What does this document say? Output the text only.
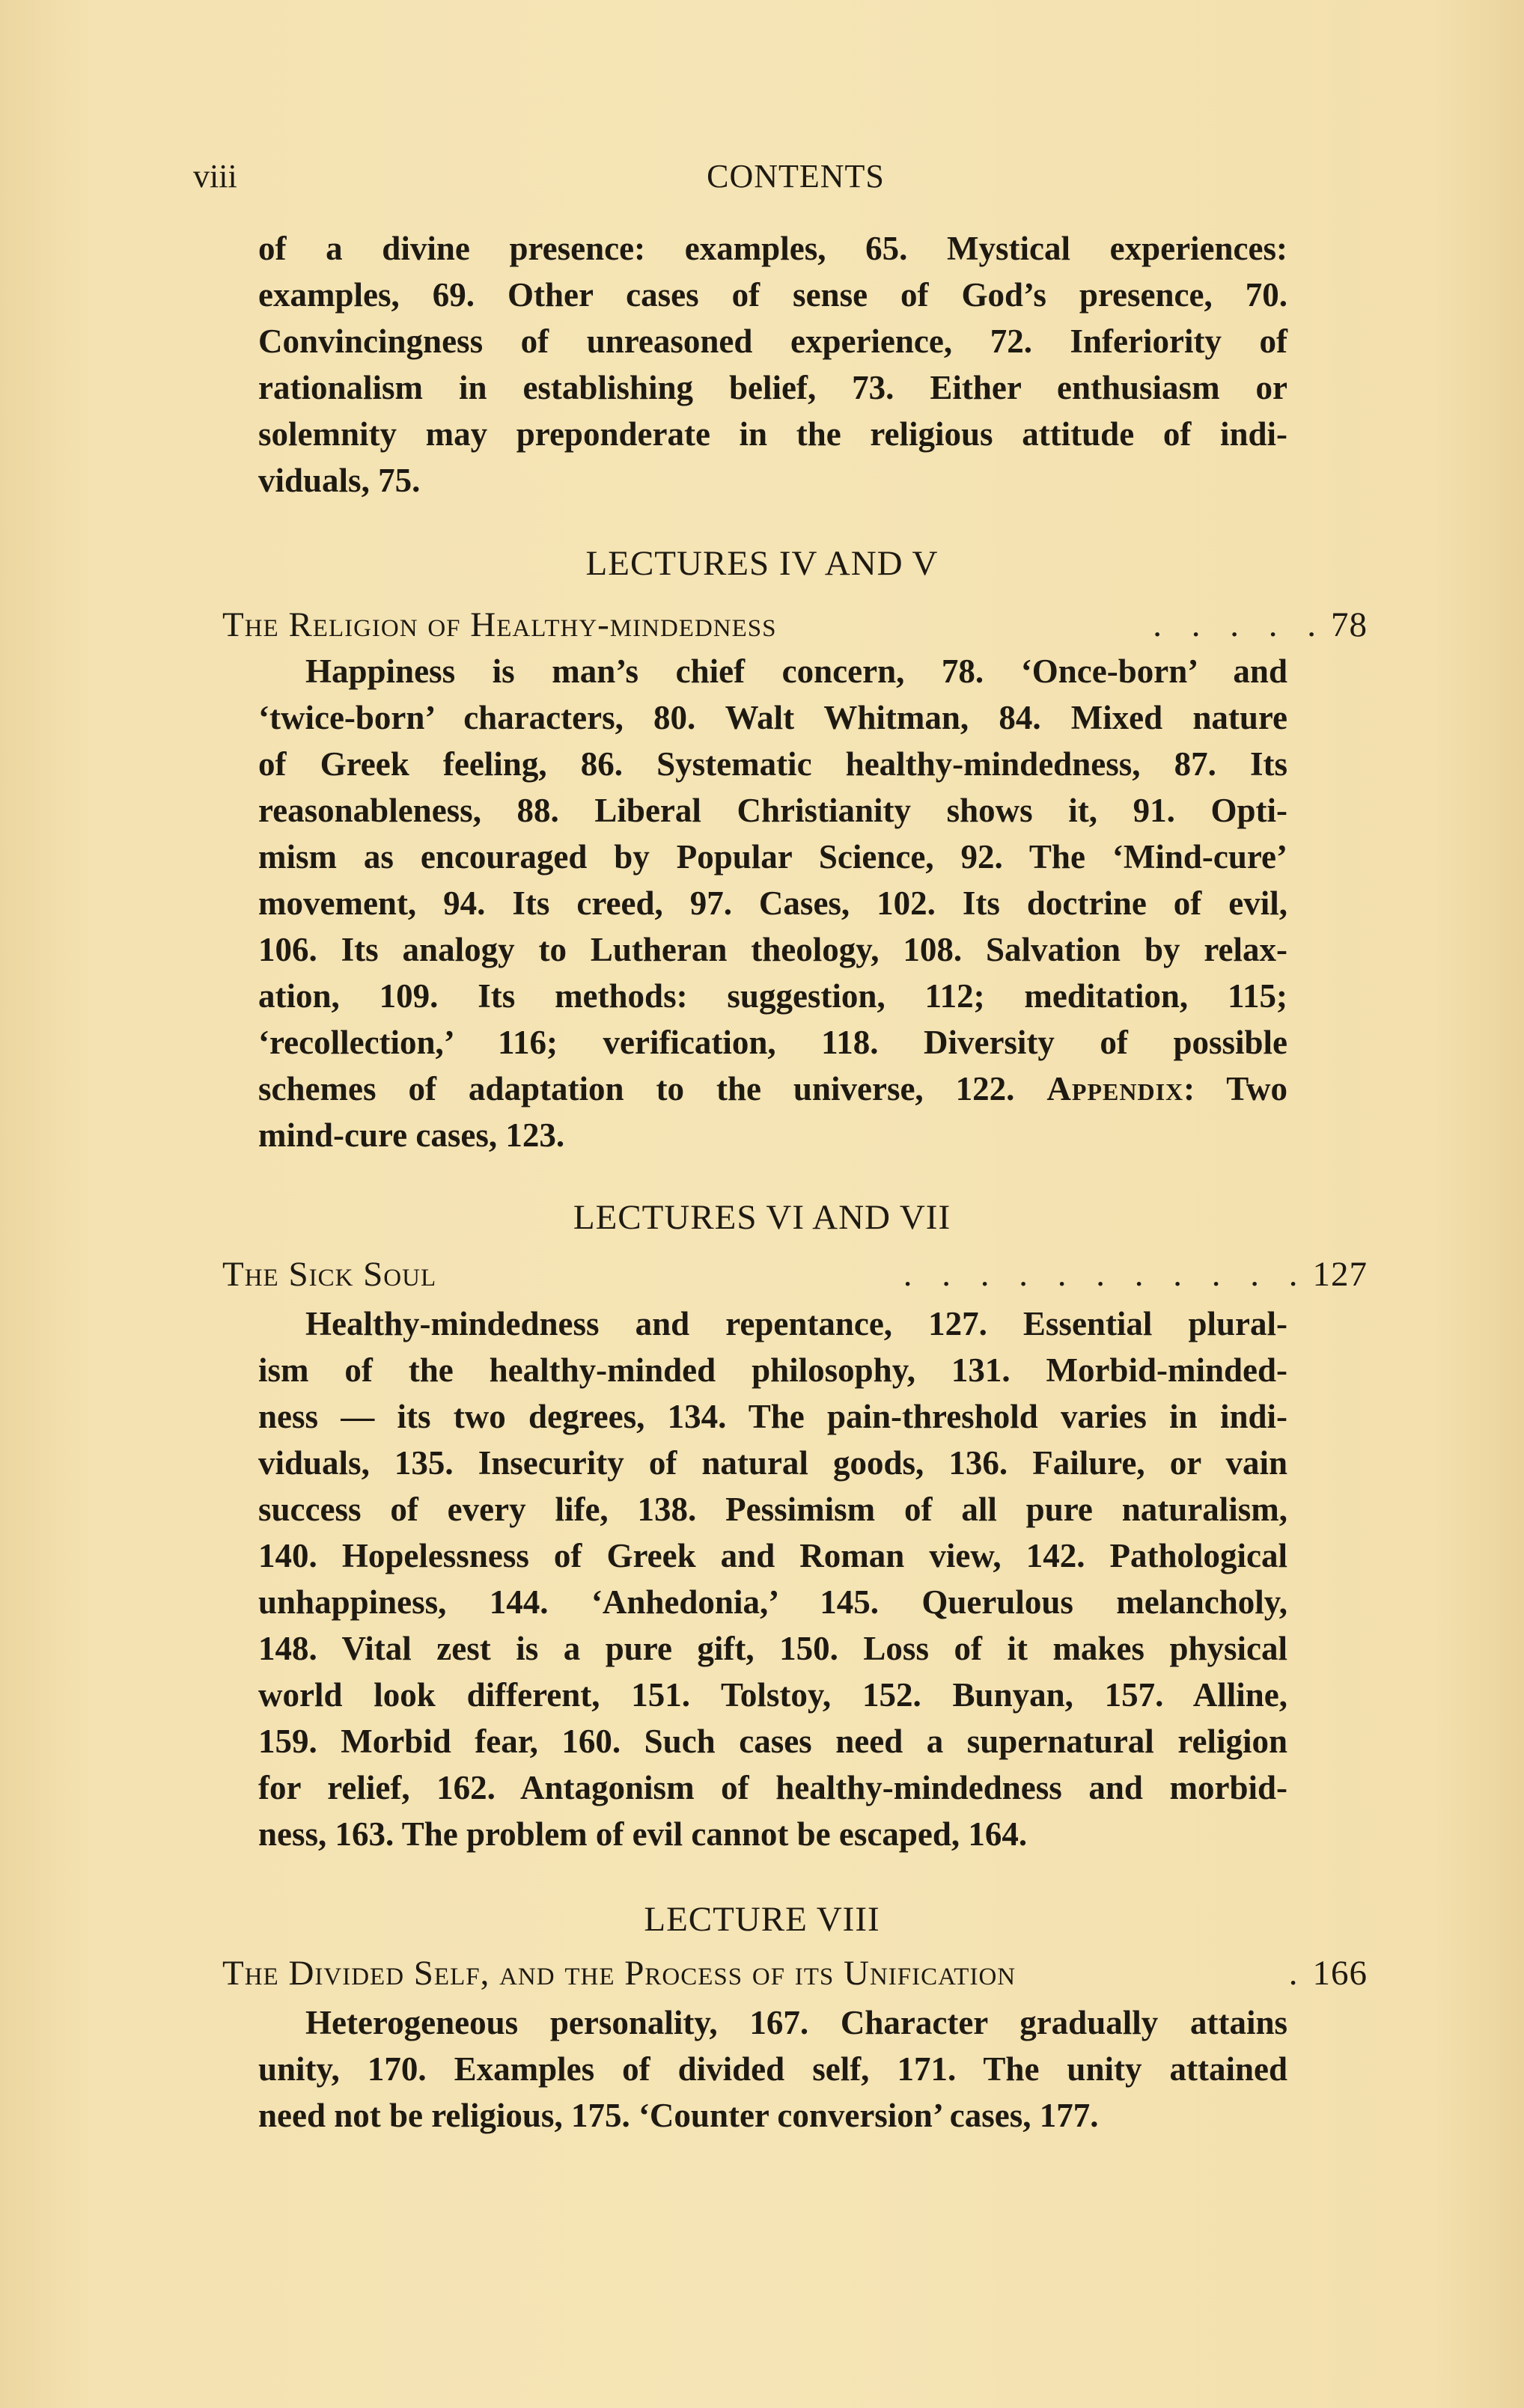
viii	CONTENTS
of a divine presence: examples, 65. Mystical experiences:
examples, 69. Other cases of sense of God’s presence, 70.
Convincingness of unreasoned experience, 72. Inferiority of
rationalism in establishing belief, 73. Either enthusiasm or
solemnity may preponderate in the religious attitude of indi-
viduals, 75.
LECTURES IV AND V
The Religion of Healthy-mindedness	. . . . . 78
Happiness is man’s chief concern, 78. ‘Once-born’ and
‘twice-born’ characters, 80. Walt Whitman, 84. Mixed nature
of Greek feeling, 86. Systematic healthy-mindedness, 87. Its
reasonableness, 88. Liberal Christianity shows it, 91. Opti-
mism as encouraged by Popular Science, 92. The ‘Mind-cure’
movement, 94. Its creed, 97. Cases, 102. Its doctrine of evil,
106. Its analogy to Lutheran theology, 108. Salvation by relax-
ation, 109. Its methods: suggestion, 112; meditation, 115;
‘recollection,’ 116; verification, 118. Diversity of possible
schemes of adaptation to the universe, 122. Appendix: Two
mind-cure cases, 123.
LECTURES VI AND VII
The Sick Soul	. . . . . . . . . . . 127
Healthy-mindedness and repentance, 127. Essential plural-
ism of the healthy-minded philosophy, 131. Morbid-minded-
ness — its two degrees, 134. The pain-threshold varies in indi-
viduals, 135. Insecurity of natural goods, 136. Failure, or vain
success of every life, 138. Pessimism of all pure naturalism,
140. Hopelessness of Greek and Roman view, 142. Pathological
unhappiness, 144. ‘Anhedonia,’ 145. Querulous melancholy,
148. Vital zest is a pure gift, 150. Loss of it makes physical
world look different, 151. Tolstoy, 152. Bunyan, 157. Alline,
159. Morbid fear, 160. Such cases need a supernatural religion
for relief, 162. Antagonism of healthy-mindedness and morbid-
ness, 163. The problem of evil cannot be escaped, 164.
LECTURE VIII
The Divided Self, and the Process of its Unification	. 166
Heterogeneous personality, 167. Character gradually attains
unity, 170. Examples of divided self, 171. The unity attained
need not be religious, 175. ‘Counter conversion’ cases, 177.
